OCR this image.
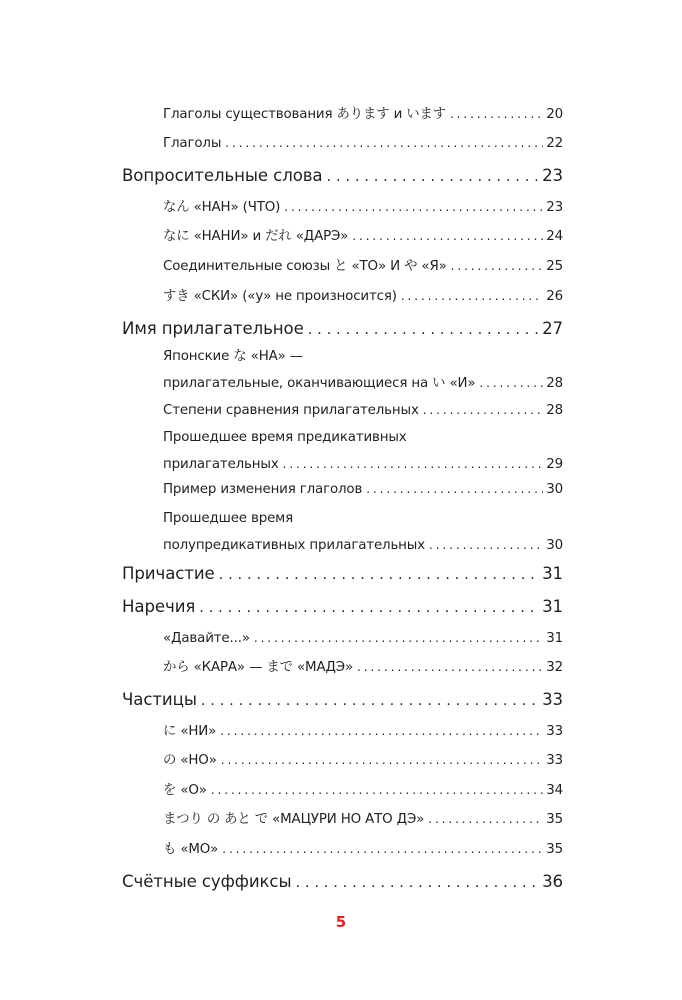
Глаголы существования あります и います .....	20
Глаголы .....	22
Вопросительные слова .....	23
なん «НАН» (ЧТО) .....	23
なに «НАНИ» и だれ «ДАРЭ» .....	24
Соединительные союзы と «ТО» И や «Я» .....	25
すき «СКИ» («у» не произносится) .....	26
Имя прилагательное .....	27
Японские な «НА» —
прилагательные, оканчивающиеся на い «И» .....	28
Степени сравнения прилагательных .....	28
Прошедшее время предикативных
прилагательных .....	29
Пример изменения глаголов .....	30
Прошедшее время
полупредикативных прилагательных .....	30
Причастие .....	31
Наречия .....	31
«Давайте...» .....	31
から «КАРА» — まで «МАДЭ» .....	32
Частицы .....	33
に «НИ» .....	33
の «НО» .....	33
を «О» .....	34
まつり の あと で «МАЦУРИ НО АТО ДЭ» .....	35
も «МО» .....	35
Счётные суффиксы .....	36
5
